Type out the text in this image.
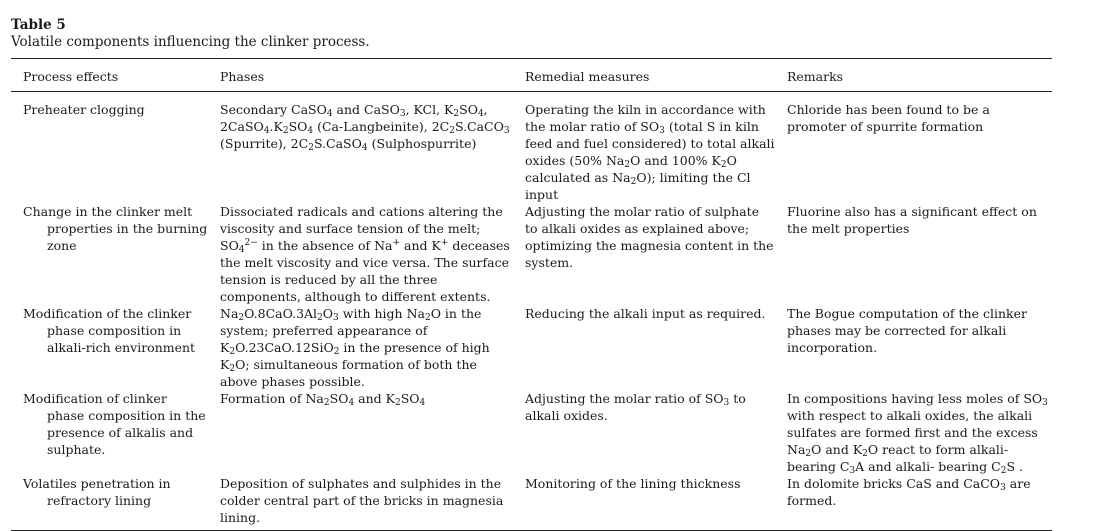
Table 5
Volatile components influencing the clinker process.
Process effects	Phases	Remedial measures	Remarks

Preheater clogging	Secondary CaSO$_4$ and CaSO$_3$, KCl, $K_2SO_4$, $2CaSO_4.K_2SO_4$ (Ca-Langbeinite), $2C_2S.CaCO_3$ (Spurrite), $2C_2S.CaSO_4$ (Sulphospurrite)	Operating the kiln in accordance with the molar ratio of $SO_3$ (total S in kiln feed and fuel considered) to total alkali oxides (50% $Na_2O$ and 100% $K_2O$ calculated as $Na_2O$); limiting the Cl input	Chloride has been found to be a promoter of spurrite formation

Change in the clinker melt properties in the burning zone	Dissociated radicals and cations altering the viscosity and surface tension of the melt; $SO_4^{2-}$ in the absence of Na+ and K+ deceases the melt viscosity and vice versa. The surface tension is reduced by all the three components, although to different extents.	Adjusting the molar ratio of sulphate to alkali oxides as explained above; optimizing the magnesia content in the system.	Fluorine also has a significant effect on the melt properties

Modification of the clinker phase composition in alkali-rich environment	$Na_2O.8CaO.3Al_2O_3$ with high $Na_2O$ in the system; preferred appearance of $K_2O.23CaO.12SiO_2$ in the presence of high $K_2O$; simultaneous formation of both the above phases possible.	Reducing the alkali input as required.	The Bogue computation of the clinker phases may be corrected for alkali incorporation.

Modification of clinker phase composition in the presence of alkalis and sulphate.	Formation of $Na_2SO_4$ and $K_2SO_4$	Adjusting the molar ratio of $SO_3$ to alkali oxides.	In compositions having less moles of $SO_3$ with respect to alkali oxides, the alkali sulfates are formed first and the excess $Na_2O$ and $K_2O$ react to form alkali-bearing $C_3A$ and alkali- bearing $C_2S$ .

Volatiles penetration in refractory lining	Deposition of sulphates and sulphides in the colder central part of the bricks in magnesia lining.	Monitoring of the lining thickness	In dolomite bricks CaS and CaCO$_3$ are formed.
